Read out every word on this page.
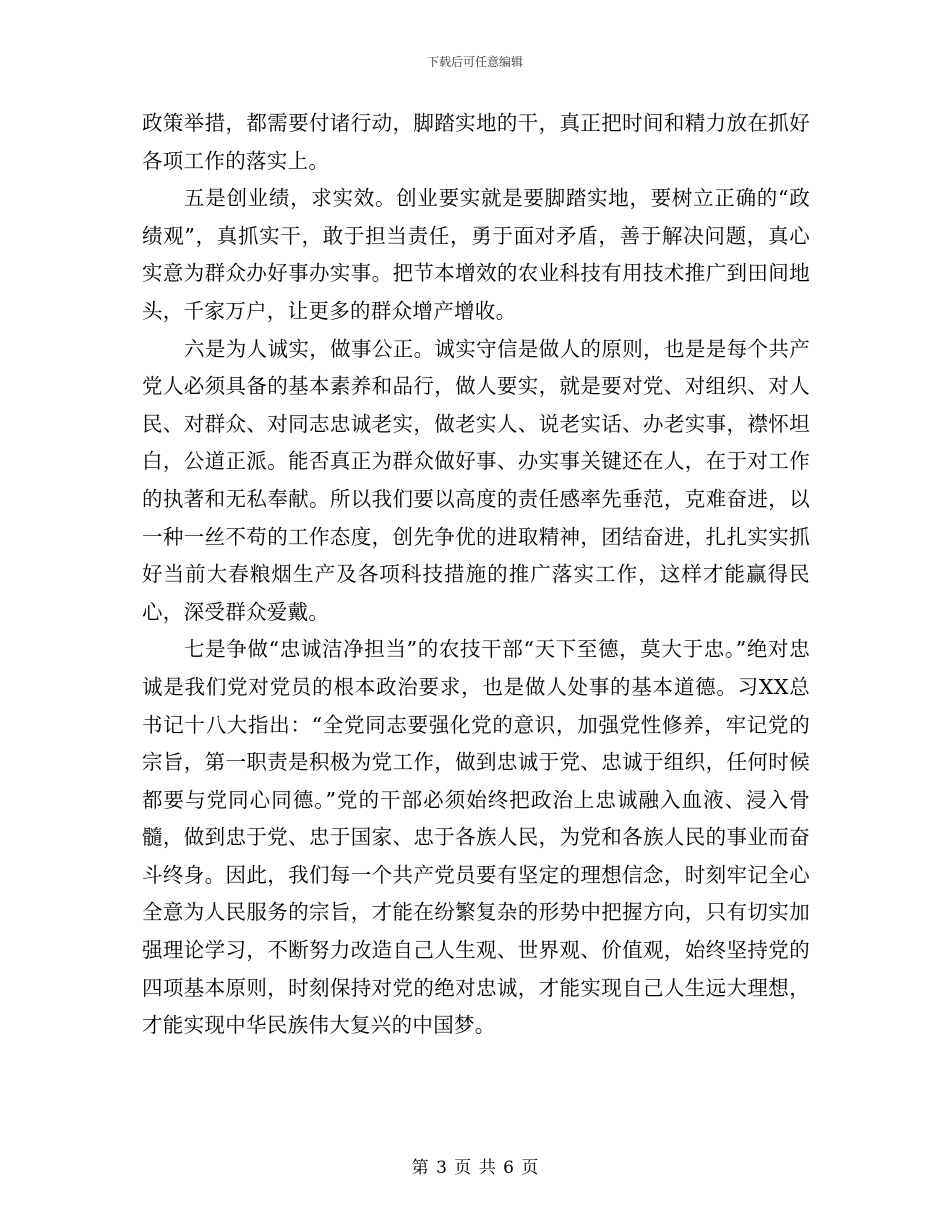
下载后可任意编辑

政策举措，都需要付诸行动，脚踏实地的干，真正把时间和精力放在抓好各项工作的落实上。

五是创业绩，求实效。创业要实就是要脚踏实地，要树立正确的“政绩观”，真抓实干，敢于担当责任，勇于面对矛盾，善于解决问题，真心实意为群众办好事办实事。把节本增效的农业科技有用技术推广到田间地头，千家万户，让更多的群众增产增收。

六是为人诚实，做事公正。诚实守信是做人的原则，也是是每个共产党人必须具备的基本素养和品行，做人要实，就是要对党、对组织、对人民、对群众、对同志忠诚老实，做老实人、说老实话、办老实事，襟怀坦白，公道正派。能否真正为群众做好事、办实事关键还在人，在于对工作的执著和无私奉献。所以我们要以高度的责任感率先垂范，克难奋进，以一种一丝不苟的工作态度，创先争优的进取精神，团结奋进，扎扎实实抓好当前大春粮烟生产及各项科技措施的推广落实工作，这样才能赢得民心，深受群众爱戴。

七是争做“忠诚洁净担当”的农技干部“天下至德，莫大于忠。”绝对忠诚是我们党对党员的根本政治要求，也是做人处事的基本道德。习XX总书记十八大指出：“全党同志要强化党的意识，加强党性修养，牢记党的宗旨，第一职责是积极为党工作，做到忠诚于党、忠诚于组织，任何时候都要与党同心同德。”党的干部必须始终把政治上忠诚融入血液、浸入骨髓，做到忠于党、忠于国家、忠于各族人民，为党和各族人民的事业而奋斗终身。因此，我们每一个共产党员要有坚定的理想信念，时刻牢记全心全意为人民服务的宗旨，才能在纷繁复杂的形势中把握方向，只有切实加强理论学习，不断努力改造自己人生观、世界观、价值观，始终坚持党的四项基本原则，时刻保持对党的绝对忠诚，才能实现自己人生远大理想，才能实现中华民族伟大复兴的中国梦。

第 3 页 共 6 页
